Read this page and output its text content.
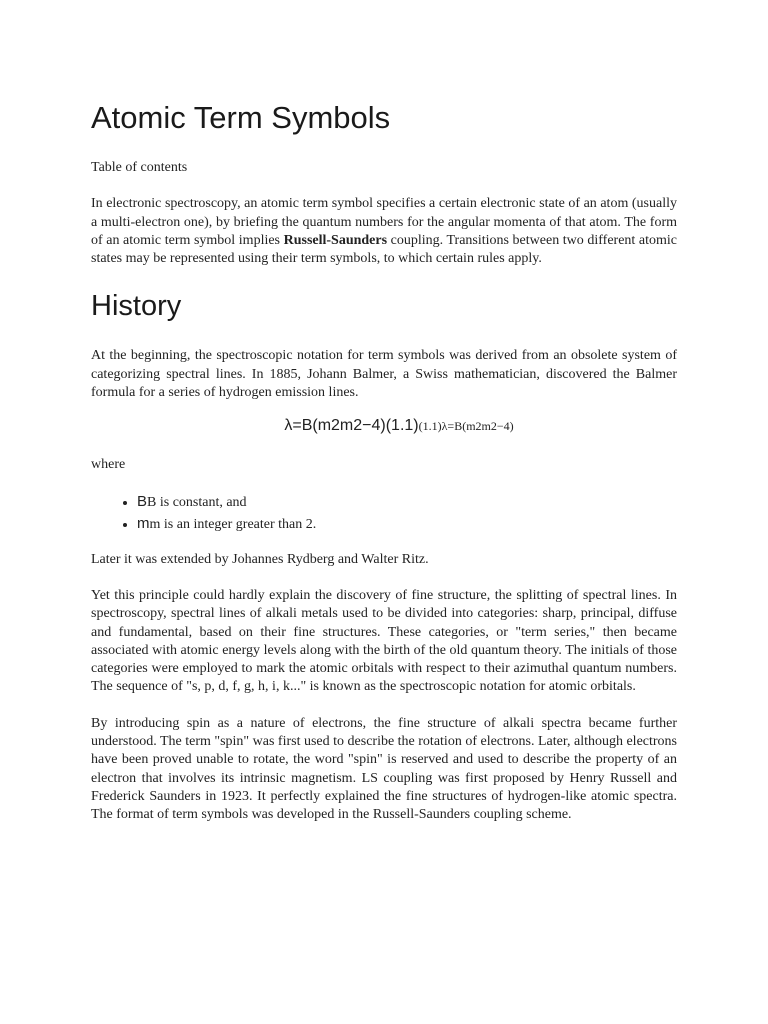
Atomic Term Symbols

Table of contents

In electronic spectroscopy, an atomic term symbol specifies a certain electronic state of an atom (usually a multi-electron one), by briefing the quantum numbers for the angular momenta of that atom. The form of an atomic term symbol implies Russell-Saunders coupling. Transitions between two different atomic states may be represented using their term symbols, to which certain rules apply.

History

At the beginning, the spectroscopic notation for term symbols was derived from an obsolete system of categorizing spectral lines. In 1885, Johann Balmer, a Swiss mathematician, discovered the Balmer formula for a series of hydrogen emission lines.

λ=B(m2m2−4)(1.1)(1.1)λ=B(m2m2−4)

where

• BB is constant, and
• mm is an integer greater than 2.

Later it was extended by Johannes Rydberg and Walter Ritz.

Yet this principle could hardly explain the discovery of fine structure, the splitting of spectral lines. In spectroscopy, spectral lines of alkali metals used to be divided into categories: sharp, principal, diffuse and fundamental, based on their fine structures. These categories, or "term series," then became associated with atomic energy levels along with the birth of the old quantum theory. The initials of those categories were employed to mark the atomic orbitals with respect to their azimuthal quantum numbers. The sequence of "s, p, d, f, g, h, i, k..." is known as the spectroscopic notation for atomic orbitals.

By introducing spin as a nature of electrons, the fine structure of alkali spectra became further understood. The term "spin" was first used to describe the rotation of electrons. Later, although electrons have been proved unable to rotate, the word "spin" is reserved and used to describe the property of an electron that involves its intrinsic magnetism. LS coupling was first proposed by Henry Russell and Frederick Saunders in 1923. It perfectly explained the fine structures of hydrogen-like atomic spectra. The format of term symbols was developed in the Russell-Saunders coupling scheme.
